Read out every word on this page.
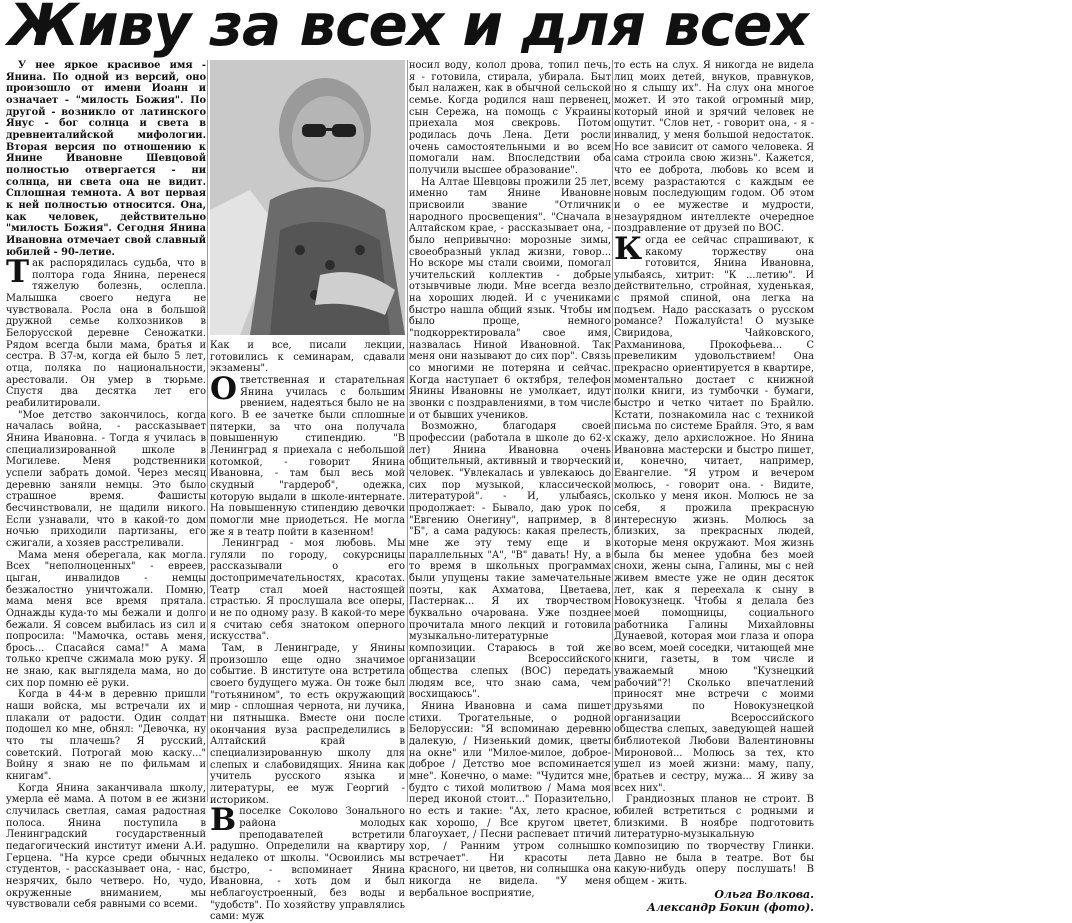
Живу за всех и для всех

У нее яркое красивое имя - Янина. По одной из версий, оно произошло от имени Иоанн и означает - "милость Божия". По другой - возникло от латинского Янус - бог солнца и света в древнеиталийской мифологии. Вторая версия по отношению к Янине Ивановне Шевцовой полностью отвергается - ни солнца, ни света она не видит. Сплошная темнота. А вот первая к ней полностью относится. Она, как человек, действительно "милость Божия". Сегодня Янина Ивановна отмечает свой славный юбилей - 90-летие.

Так распорядилась судьба, что в полтора года Янина, перенеся тяжелую болезнь, ослепла. Малышка своего недуга не чувствовала. Росла она в большой дружной семье колхозников в Белорусской деревне Сеножатки. Рядом всегда были мама, братья и сестра. В 37-м, когда ей было 5 лет, отца, поляка по национальности, арестовали. Он умер в тюрьме. Спустя два десятка лет его реабилитировали.

"Мое детство закончилось, когда началась война, - рассказывает Янина Ивановна. - Тогда я училась в специализированной школе в Могилеве. Меня родственники успели забрать домой. Через месяц деревню заняли немцы. Это было страшное время. Фашисты бесчинствовали, не щадили никого. Если узнавали, что в какой-то дом ночью приходили партизаны, его сжигали, а хозяев расстреливали.

Мама меня оберегала, как могла. Всех "неполноценных" - евреев, цыган, инвалидов - немцы безжалостно уничтожали. Помню, мама меня все время прятала. Однажды куда-то мы бежали и долго бежали. Я совсем выбилась из сил и попросила: "Мамочка, оставь меня, брось... Спасайся сама!" А мама только крепче сжимала мою руку. Я не знаю, как выглядела мама, но до сих пор помню её руки.

Когда в 44-м в деревню пришли наши войска, мы встречали их и плакали от радости. Один солдат подошел ко мне, обнял: "Девочка, ну что ты плачешь? Я русский, советский. Потрогай мою каску..." Войну я знаю не по фильмам и книгам".

Когда Янина заканчивала школу, умерла её мама. А потом в ее жизни случилась светлая, самая радостная полоса. Янина поступила в Ленинградский государственный педагогический институт имени А.И. Герцена. "На курсе среди обычных студентов, - рассказывает она, - нас, незрячих, было четверо. Но, чудо, окруженные вниманием, мы чувствовали себя равными со всеми.

Как и все, писали лекции, готовились к семинарам, сдавали экзамены".

Ответственная и старательная Янина училась с большим рвением, надеяться было не на кого. В ее зачетке были сплошные пятерки, за что она получала повышенную стипендию. "В Ленинград я приехала с небольшой котомкой, - говорит Янина Ивановна, - там был весь мой скудный "гардероб", одежка, которую выдали в школе-интернате. На повышенную стипендию девочки помогли мне приодеться. Не могла же я в театр пойти в казенном!

Ленинград - моя любовь. Мы гуляли по городу, сокурсницы рассказывали о его достопримечательностях, красотах. Театр стал моей настоящей страстью. Я прослушала все оперы, и не по одному разу. В какой-то мере я считаю себя знатоком оперного искусства".

Там, в Ленинграде, у Янины произошло еще одно значимое событие. В институте она встретила своего будущего мужа. Он тоже был "готьянином", то есть окружающий мир - сплошная чернота, ни лучика, ни пятнышка. Вместе они после окончания вуза распределились в Алтайский край в специализированную школу для слепых и слабовидящих. Янина как учитель русского языка и литературы, ее муж Георгий - историком.

Впоселке Соколово Зонального района молодых преподавателей встретили радушно. Определили на квартиру недалеко от школы. "Освоились мы быстро, - вспоминает Янина Ивановна, - хоть дом и был неблагоустроенный, без воды и "удобств". По хозяйству управлялись сами: муж

носил воду, колол дрова, топил печь, я - готовила, стирала, убирала. Быт был налажен, как в обычной сельской семье. Когда родился наш первенец, сын Сережа, на помощь с Украины приехала моя свекровь. Потом родилась дочь Лена. Дети росли очень самостоятельными и во всем помогали нам. Впоследствии оба получили высшее образование".

На Алтае Шевцовы прожили 25 лет, именно там Янине Ивановне присвоили звание "Отличник народного просвещения". "Сначала в Алтайском крае, - рассказывает она, - было непривычно: морозные зимы, своеобразный уклад жизни, говор... Но вскоре мы стали своими, помогал учительский коллектив - добрые отзывчивые люди. Мне всегда везло на хороших людей. И с учениками быстро нашла общий язык. Чтобы им было проще, немного "подкорректировала" свое имя, назвалась Ниной Ивановной. Так меня они называют до сих пор". Связь со многими не потеряна и сейчас. Когда наступает 6 октября, телефон Янины Ивановны не умолкает, идут звонки с поздравлениями, в том числе и от бывших учеников.

Возможно, благодаря своей профессии (работала в школе до 62-х лет) Янина Ивановна очень общительный, активный и творческий человек. "Увлекалась и увлекаюсь до сих пор музыкой, классической литературой". - И, улыбаясь, продолжает: - Бывало, даю урок по "Евгению Онегину", например, в 8 "Б", а сама радуюсь: какая прелесть, мне же эту тему еще и в параллельных "А", "В" давать! Ну, а в то время в школьных программах были упущены такие замечательные поэты, как Ахматова, Цветаева, Пастернак... Я их творчеством буквально очарована. Уже позднее прочитала много лекций и готовила музыкально-литературные композиции. Стараюсь в той же организации Всероссийского общества слепых (ВОС) передать людям все, что знаю сама, чем восхищаюсь".

Янина Ивановна и сама пишет стихи. Трогательные, о родной Белоруссии: "Я вспоминаю деревню далекую, / Низенький домик, цветы на окне" или "Милое-милое, доброе-доброе / Детство мое вспоминается мне". Конечно, о маме: "Чудится мне, будто с тихой молитвою / Мама моя перед иконой стоит..." Поразительно, но есть и такие: "Ах, лето красное, как хорошо, / Все кругом цветет, благоухает, / Песни распевает птичий хор, / Ранним утром солнышко встречает". Ни красоты лета красного, ни цветов, ни солнышка она никогда не видела. "У меня вербальное восприятие,

то есть на слух. Я никогда не видела лиц моих детей, внуков, правнуков, но я слышу их". На слух она многое может. И это такой огромный мир, который иной и зрячий человек не ощутит. "Слов нет, - говорит она, - я - инвалид, у меня большой недостаток. Но все зависит от самого человека. Я сама строила свою жизнь". Кажется, что ее доброта, любовь ко всем и всему разрастаются с каждым ее новым последующим годом. Об этом и о ее мужестве и мудрости, незаурядном интеллекте очередное поздравление от друзей по ВОС.

Когда ее сейчас спрашивают, к какому торжеству она готовится, Янина Ивановна, улыбаясь, хитрит: "К ...летию". И действительно, стройная, худенькая, с прямой спиной, она легка на подъем. Надо рассказать о русском романсе? Пожалуйста! О музыке Свиридова, Чайковского, Рахманинова, Прокофьева... С превеликим удовольствием! Она прекрасно ориентируется в квартире, моментально достает с книжной полки книги, из тумбочки - бумаги, быстро и четко читает по Брайлю. Кстати, познакомила нас с техникой письма по системе Брайля. Это, я вам скажу, дело архисложное. Но Янина Ивановна мастерски и быстро пишет, и, конечно, читает, например, Евангелие. "Я утром и вечером молюсь, - говорит она. - Видите, сколько у меня икон. Молюсь не за себя, я прожила прекрасную интересную жизнь. Молюсь за близких, за прекрасных людей, которые меня окружают. Моя жизнь была бы менее удобна без моей снохи, жены сына, Галины, мы с ней живем вместе уже не один десяток лет, как я переехала к сыну в Новокузнецк. Чтобы я делала без моей помощницы, социального работника Галины Михайловны Дунаевой, которая мои глаза и опора во всем, моей соседки, читающей мне книги, газеты, в том числе и уважаемый мною "Кузнецкий рабочий"?! Сколько впечатлений приносят мне встречи с моими друзьями по Новокузнецкой организации Всероссийского общества слепых, заведующей нашей библиотекой Любови Валентиновны Мироновой... Молюсь за тех, кто ушел из моей жизни: маму, папу, братьев и сестру, мужа... Я живу за всех них".

Грандиозных планов не строит. В юбилей встретиться с родными и близкими. В ноябре подготовить литературно-музыкальную композицию по творчеству Глинки. Давно не была в театре. Вот бы какую-нибудь оперу послушать! В общем - жить.

Ольга Волкова.

Александр Бокин (фото).
